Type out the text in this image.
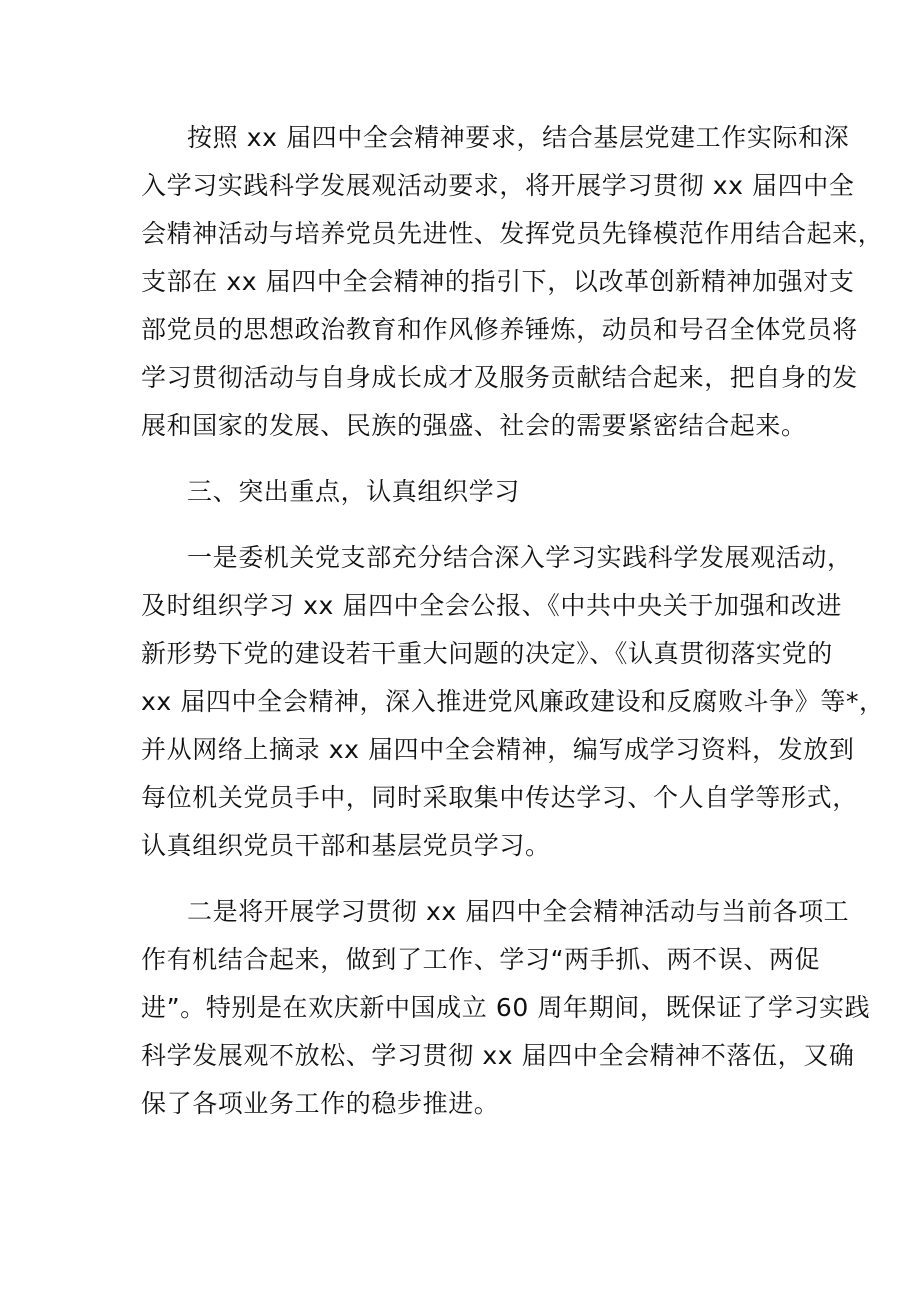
按照 xx 届四中全会精神要求，结合基层党建工作实际和深
入学习实践科学发展观活动要求，将开展学习贯彻 xx 届四中全
会精神活动与培养党员先进性、发挥党员先锋模范作用结合起来，
支部在 xx 届四中全会精神的指引下，以改革创新精神加强对支
部党员的思想政治教育和作风修养锤炼，动员和号召全体党员将
学习贯彻活动与自身成长成才及服务贡献结合起来，把自身的发
展和国家的发展、民族的强盛、社会的需要紧密结合起来。
三、突出重点，认真组织学习
一是委机关党支部充分结合深入学习实践科学发展观活动，
及时组织学习 xx 届四中全会公报、《中共中央关于加强和改进
新形势下党的建设若干重大问题的决定》、《认真贯彻落实党的
xx 届四中全会精神，深入推进党风廉政建设和反腐败斗争》等*，
并从网络上摘录 xx 届四中全会精神，编写成学习资料，发放到
每位机关党员手中，同时采取集中传达学习、个人自学等形式，
认真组织党员干部和基层党员学习。
二是将开展学习贯彻 xx 届四中全会精神活动与当前各项工
作有机结合起来，做到了工作、学习“两手抓、两不误、两促
进”。特别是在欢庆新中国成立 60 周年期间，既保证了学习实践
科学发展观不放松、学习贯彻 xx 届四中全会精神不落伍，又确
保了各项业务工作的稳步推进。
